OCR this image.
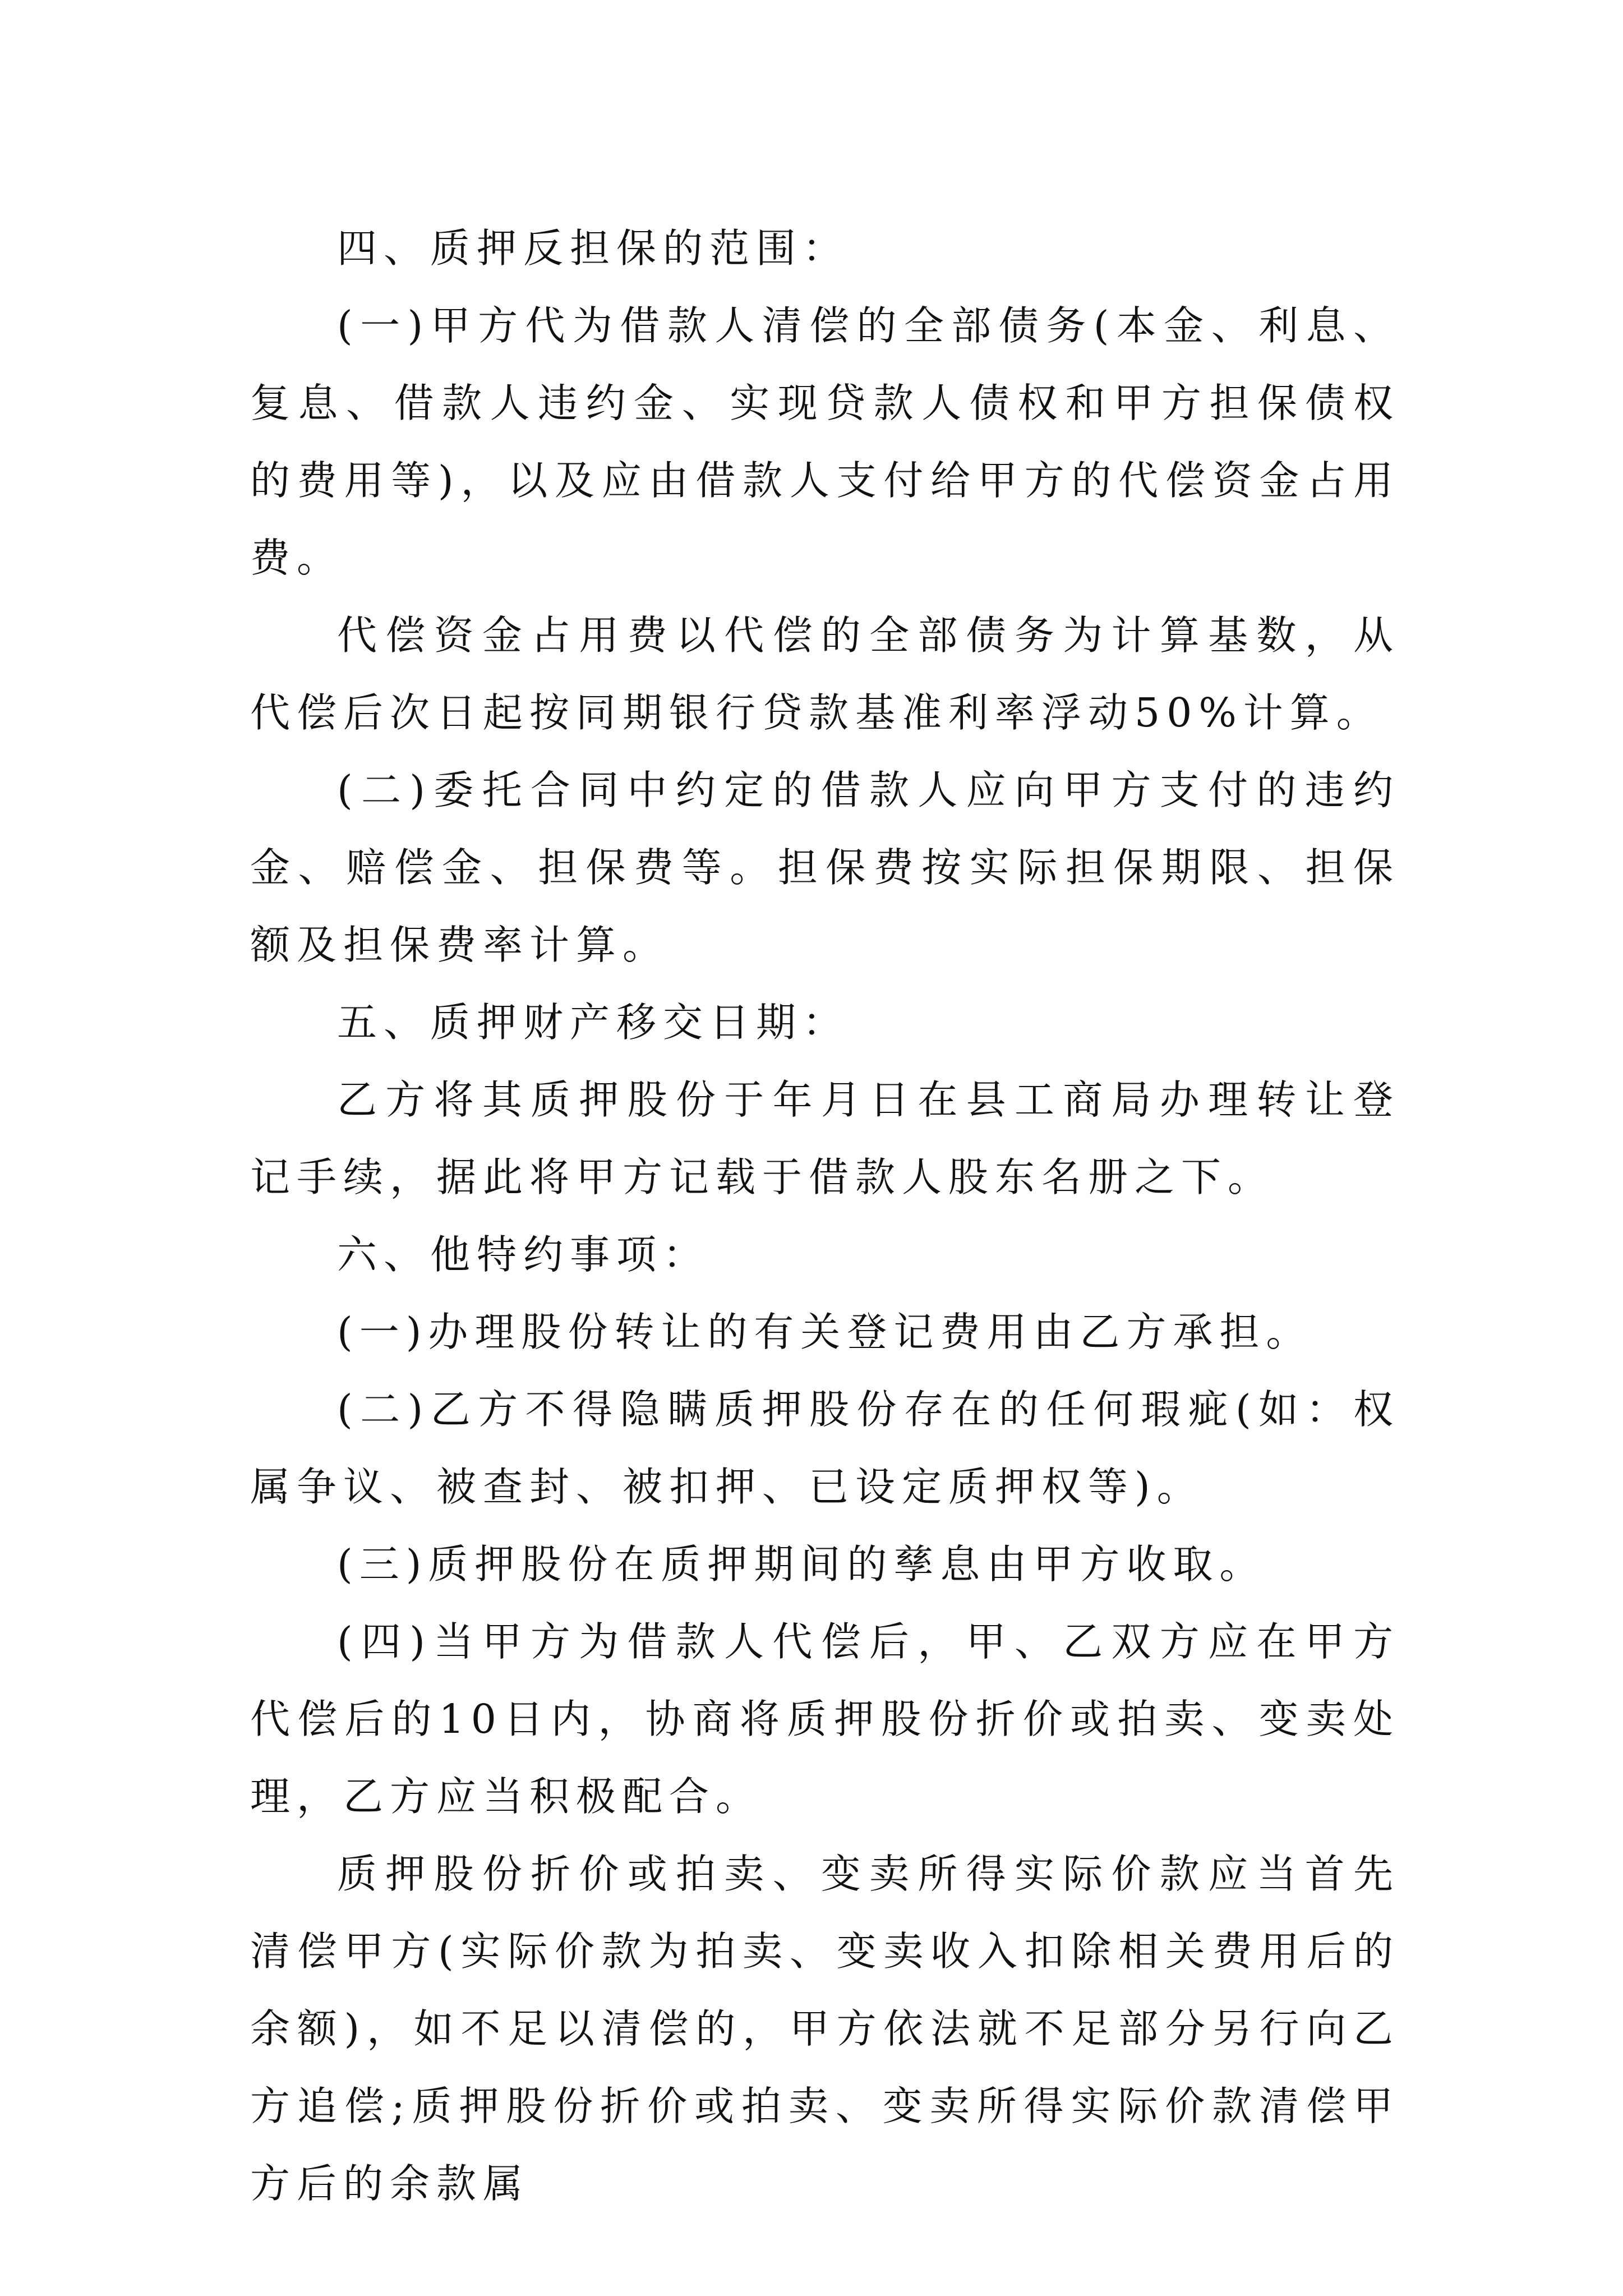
四、质押反担保的范围：

(一)甲方代为借款人清偿的全部债务(本金、利息、复息、借款人违约金、实现贷款人债权和甲方担保债权的费用等)，以及应由借款人支付给甲方的代偿资金占用费。

代偿资金占用费以代偿的全部债务为计算基数，从代偿后次日起按同期银行贷款基准利率浮动50%计算。

(二)委托合同中约定的借款人应向甲方支付的违约金、赔偿金、担保费等。担保费按实际担保期限、担保额及担保费率计算。

五、质押财产移交日期：

乙方将其质押股份于年月日在县工商局办理转让登记手续，据此将甲方记载于借款人股东名册之下。

六、他特约事项：

(一)办理股份转让的有关登记费用由乙方承担。

(二)乙方不得隐瞒质押股份存在的任何瑕疵(如：权属争议、被查封、被扣押、已设定质押权等)。

(三)质押股份在质押期间的孳息由甲方收取。

(四)当甲方为借款人代偿后，甲、乙双方应在甲方代偿后的10日内，协商将质押股份折价或拍卖、变卖处理，乙方应当积极配合。

质押股份折价或拍卖、变卖所得实际价款应当首先清偿甲方(实际价款为拍卖、变卖收入扣除相关费用后的余额)，如不足以清偿的，甲方依法就不足部分另行向乙方追偿;质押股份折价或拍卖、变卖所得实际价款清偿甲方后的余款属
